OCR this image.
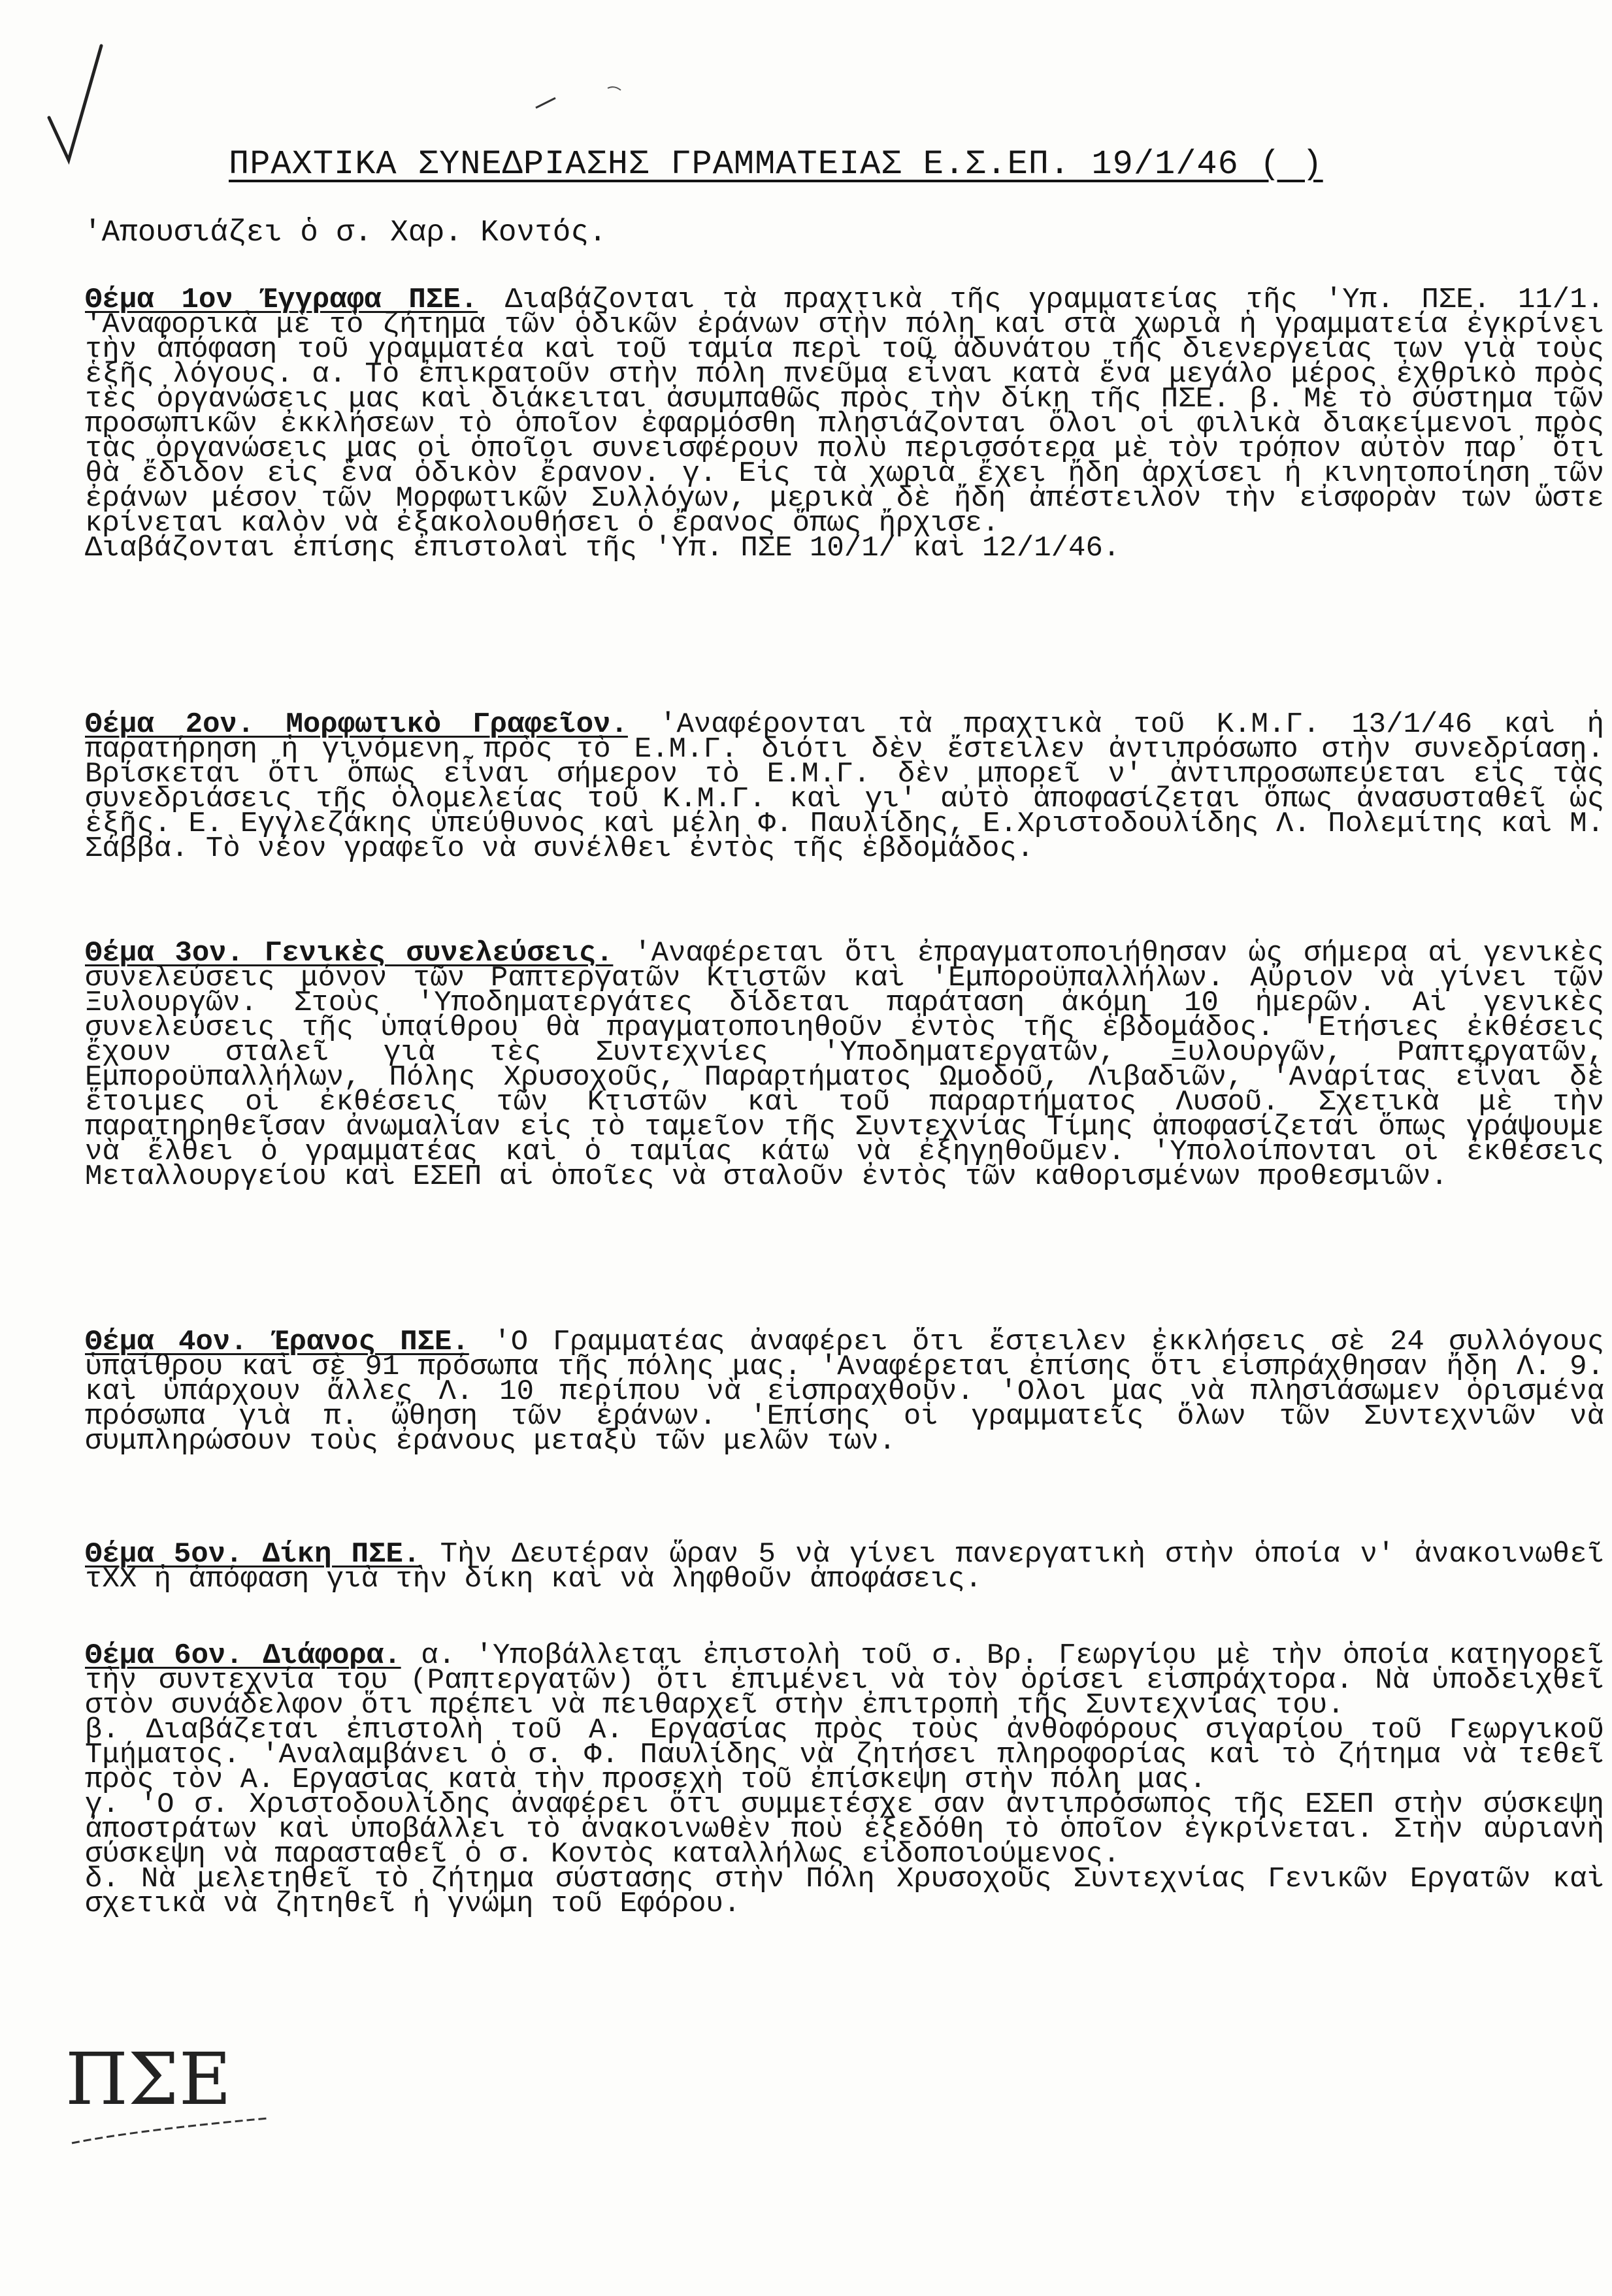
ΠΡΑΧΤΙΚΑ ΣΥΝΕΔΡΙΑΣΗΣ ΓΡΑΜΜΑΤΕΙΑΣ Ε.Σ.ΕΠ. 19/1/46 ( )
'Απουσιάζει ὁ σ. Χαρ. Κοντός.

Θέμα 1ον Έγγραφα ΠΣΕ. Διαβάζονται τὰ πραχτικὰ τῆς γραμματείας τῆς 'Υπ. ΠΣΕ. 11/1. 'Αναφορικὰ μὲ τὸ ζήτημα τῶν ὁδικῶν ἐράνων στὴν πόλη καὶ στὰ χωριὰ ἡ γραμματεία ἐγκρίνει τὴν ἀπόφαση τοῦ γραμματέα καὶ τοῦ ταμία περὶ τοῦ ἀδυνάτου τῆς διενεργείας των γιὰ τοὺς ἑξῆς λόγους. α. Τὸ ἐπικρατοῦν στὴν πόλη πνεῦμα εἶναι κατὰ ἕνα μεγάλο μέρος ἐχθρικὸ πρὸς τὲς ὀργανώσεις μας καὶ διάκειται ἀσυμπαθῶς πρὸς τὴν δίκη τῆς ΠΣΕ. β. Μὲ τὸ σύστημα τῶν προσωπικῶν ἐκκλήσεων τὸ ὁποῖον ἐφαρμόσθη πλησιάζονται ὅλοι οἱ φιλικὰ διακείμενοι πρὸς τὰς ὀργανώσεις μας οἱ ὁποῖοι συνεισφέρουν πολὺ περισσότερα μὲ τὸν τρόπον αὐτὸν παρ᾽ ὅτι θὰ ἔδιδον εἰς ἕνα ὁδικὸν ἔρανον. γ. Εἰς τὰ χωριὰ ἔχει ἤδη ἀρχίσει ἡ κινητοποίηση τῶν ἐράνων μέσον τῶν Μορφωτικῶν Συλλόγων, μερικὰ δὲ ἤδη ἀπέστειλον τὴν εἰσφορὰν των ὥστε κρίνεται καλὸν νὰ ἐξακολουθήσει ὁ ἔρανος ὅπως ἤρχισε.
Διαβάζονται ἐπίσης ἐπιστολαὶ τῆς 'Υπ. ΠΣΕ 10/1/ καὶ 12/1/46.

Θέμα 2ον. Μορφωτικὸ Γραφεῖον. 'Αναφέρονται τὰ πραχτικὰ τοῦ Κ.Μ.Γ. 13/1/46 καὶ ἡ παρατήρηση ἡ γινόμενη πρὸς τὸ Ε.Μ.Γ. διότι δὲν ἔστειλεν ἀντιπρόσωπο στὴν συνεδρίαση. Βρίσκεται ὅτι ὅπως εἶναι σήμερον τὸ Ε.Μ.Γ. δὲν μπορεῖ ν' ἀντιπροσωπεύεται εἰς τὰς συνεδριάσεις τῆς ὁλομελείας τοῦ Κ.Μ.Γ. καὶ γι' αὐτὸ ἀποφασίζεται ὅπως ἀνασυσταθεῖ ὡς ἑξῆς. Ε. Εγγλεζάκης ὑπεύθυνος καὶ μέλη Φ. Παυλίδης, Ε.Χριστοδουλίδης Λ. Πολεμίτης καὶ Μ. Σάββα. Τὸ νέον γραφεῖο νὰ συνέλθει ἐντὸς τῆς ἑβδομάδος.

Θέμα 3ον. Γενικὲς συνελεύσεις. 'Αναφέρεται ὅτι ἐπραγματοποιήθησαν ὡς σήμερα αἱ γενικὲς συνελεύσεις μόνον τῶν Ραπτεργατῶν Κτιστῶν καὶ 'Εμποροϋπαλλήλων. Αὔριον νὰ γίνει τῶν Ξυλουργῶν. Στοὺς 'Υποδηματεργάτες δίδεται παράταση ἀκόμη 10 ἡμερῶν. Αἱ γενικὲς συνελεύσεις τῆς ὑπαίθρου θὰ πραγματοποιηθοῦν ἐντὸς τῆς ἑβδομάδος. 'Ετήσιες ἐκθέσεις ἔχουν σταλεῖ γιὰ τὲς Συντεχνίες 'Υποδηματεργατῶν, Ξυλουργῶν, Ραπτεργατῶν, Εμποροϋπαλλήλων, Πόλης Χρυσοχοῦς, Παραρτήματος Ωμοδοῦ, Λιβαδιῶν, 'Αναρίτας εἶναι δὲ ἕτοιμες οἱ ἐκθέσεις τῶν Κτιστῶν καὶ τοῦ παραρτήματος Λυσοῦ. Σχετικὰ μὲ τὴν παρατηρηθεῖσαν ἀνωμαλίαν εἰς τὸ ταμεῖον τῆς Συντεχνίας Τίμης ἀποφασίζεται ὅπως γράψουμε νὰ ἔλθει ὁ γραμματέας καὶ ὁ ταμίας κάτω νὰ ἐξηγηθοῦμεν. 'Υπολοίπονται οἱ ἐκθέσεις Μεταλλουργείου καὶ ΕΣΕΠ αἱ ὁποῖες νὰ σταλοῦν ἐντὸς τῶν καθορισμένων προθεσμιῶν.

Θέμα 4ον. Έρανος ΠΣΕ. 'Ο Γραμματέας ἀναφέρει ὅτι ἔστειλεν ἐκκλήσεις σὲ 24 συλλόγους ὑπαίθρου καὶ σὲ 91 πρόσωπα τῆς πόλης μας. 'Αναφέρεται ἐπίσης ὅτι εἰσπράχθησαν ἤδη Λ. 9. καὶ ὑπάρχουν ἄλλες Λ. 10 περίπου νὰ εἰσπραχθοῦν. 'Ολοι μας νὰ πλησιάσωμεν ὁρισμένα πρόσωπα γιὰ π. ὤθηση τῶν ἐράνων. 'Επίσης οἱ γραμματεῖς ὅλων τῶν Συντεχνιῶν νὰ συμπληρώσουν τοὺς ἐράνους μεταξὺ τῶν μελῶν των.

Θέμα 5ον. Δίκη ΠΣΕ. Τὴν Δευτέραν ὥραν 5 νὰ γίνει πανεργατικὴ στὴν ὁποία ν' ἀνακοινωθεῖ τΧΧ ἡ ἀπόφαση γιὰ τὴν δίκη καὶ νὰ ληφθοῦν ἀποφάσεις.

Θέμα 6ον. Διάφορα. α. 'Υποβάλλεται ἐπιστολὴ τοῦ σ. Βρ. Γεωργίου μὲ τὴν ὁποία κατηγορεῖ τὴν συντεχνία του (Ραπτεργατῶν) ὅτι ἐπιμένει νὰ τὸν ὁρίσει εἰσπράχτορα. Νὰ ὑποδειχθεῖ στὸν συνάδελφον ὅτι πρέπει νὰ πειθαρχεῖ στὴν ἐπιτροπὴ τῆς Συντεχνίας του.
β. Διαβάζεται ἐπιστολὴ τοῦ Α. Εργασίας πρὸς τοὺς ἀνθοφόρους σιγαρίου τοῦ Γεωργικοῦ Τμήματος. 'Αναλαμβάνει ὁ σ. Φ. Παυλίδης νὰ ζητήσει πληροφορίας καὶ τὸ ζήτημα νὰ τεθεῖ πρὸς τὸν Α. Εργασίας κατὰ τὴν προσεχὴ τοῦ ἐπίσκεψη στὴν πόλη μας.
γ. 'Ο σ. Χριστοδουλίδης ἀναφέρει ὅτι συμμετέσχε σαν ἀντιπρόσωπος τῆς ΕΣΕΠ στὴν σύσκεψη ἀποστράτων καὶ ὑποβάλλει τὸ ἀνακοινωθὲν ποὺ ἐξεδόθη τὸ ὁποῖον ἐγκρίνεται. Στὴν αὐριανὴ σύσκεψη νὰ παρασταθεῖ ὁ σ. Κοντὸς καταλλήλως εἰδοποιούμενος.
δ. Νὰ μελετηθεῖ τὸ ζήτημα σύστασης στὴν Πόλη Χρυσοχοῦς Συντεχνίας Γενικῶν Εργατῶν καὶ σχετικὰ νὰ ζητηθεῖ ἡ γνώμη τοῦ Εφόρου.

ΠΣΕ
